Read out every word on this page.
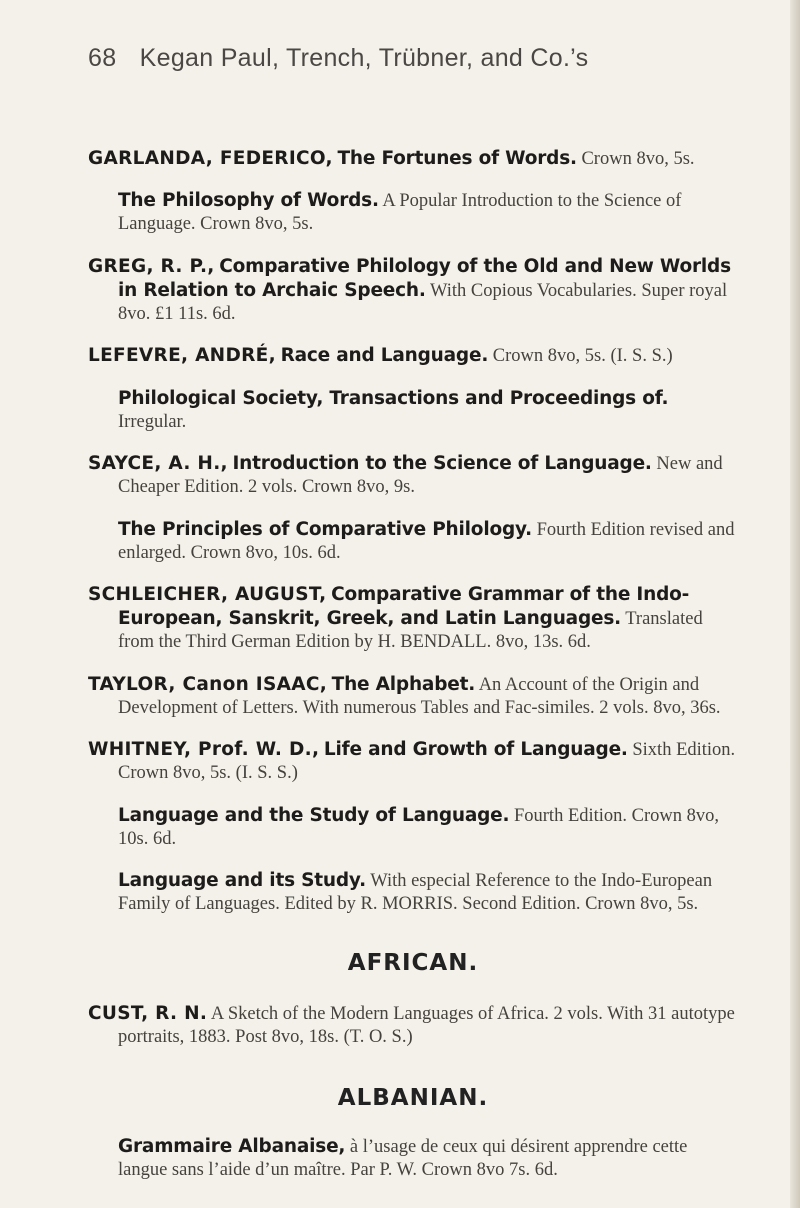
68 Kegan Paul, Trench, Trübner, and Co.’s

GARLANDA, FEDERICO, The Fortunes of Words. Crown 8vo, 5s.

The Philosophy of Words. A Popular Introduction to the Science of Language. Crown 8vo, 5s.

GREG, R. P., Comparative Philology of the Old and New Worlds in Relation to Archaic Speech. With Copious Vocabularies. Super royal 8vo. £1 11s. 6d.

LEFEVRE, ANDRÉ, Race and Language. Crown 8vo, 5s. (I. S. S.)

Philological Society, Transactions and Proceedings of. Irregular.

SAYCE, A. H., Introduction to the Science of Language. New and Cheaper Edition. 2 vols. Crown 8vo, 9s.

The Principles of Comparative Philology. Fourth Edition revised and enlarged. Crown 8vo, 10s. 6d.

SCHLEICHER, AUGUST, Comparative Grammar of the Indo-European, Sanskrit, Greek, and Latin Languages. Translated from the Third German Edition by H. BENDALL. 8vo, 13s. 6d.

TAYLOR, Canon ISAAC, The Alphabet. An Account of the Origin and Development of Letters. With numerous Tables and Fac-similes. 2 vols. 8vo, 36s.

WHITNEY, Prof. W. D., Life and Growth of Language. Sixth Edition. Crown 8vo, 5s. (I. S. S.)

Language and the Study of Language. Fourth Edition. Crown 8vo, 10s. 6d.

Language and its Study. With especial Reference to the Indo-European Family of Languages. Edited by R. MORRIS. Second Edition. Crown 8vo, 5s.

AFRICAN.

CUST, R. N. A Sketch of the Modern Languages of Africa. 2 vols. With 31 autotype portraits, 1883. Post 8vo, 18s. (T. O. S.)

ALBANIAN.

Grammaire Albanaise, à l’usage de ceux qui désirent apprendre cette langue sans l’aide d’un maître. Par P. W. Crown 8vo 7s. 6d.
